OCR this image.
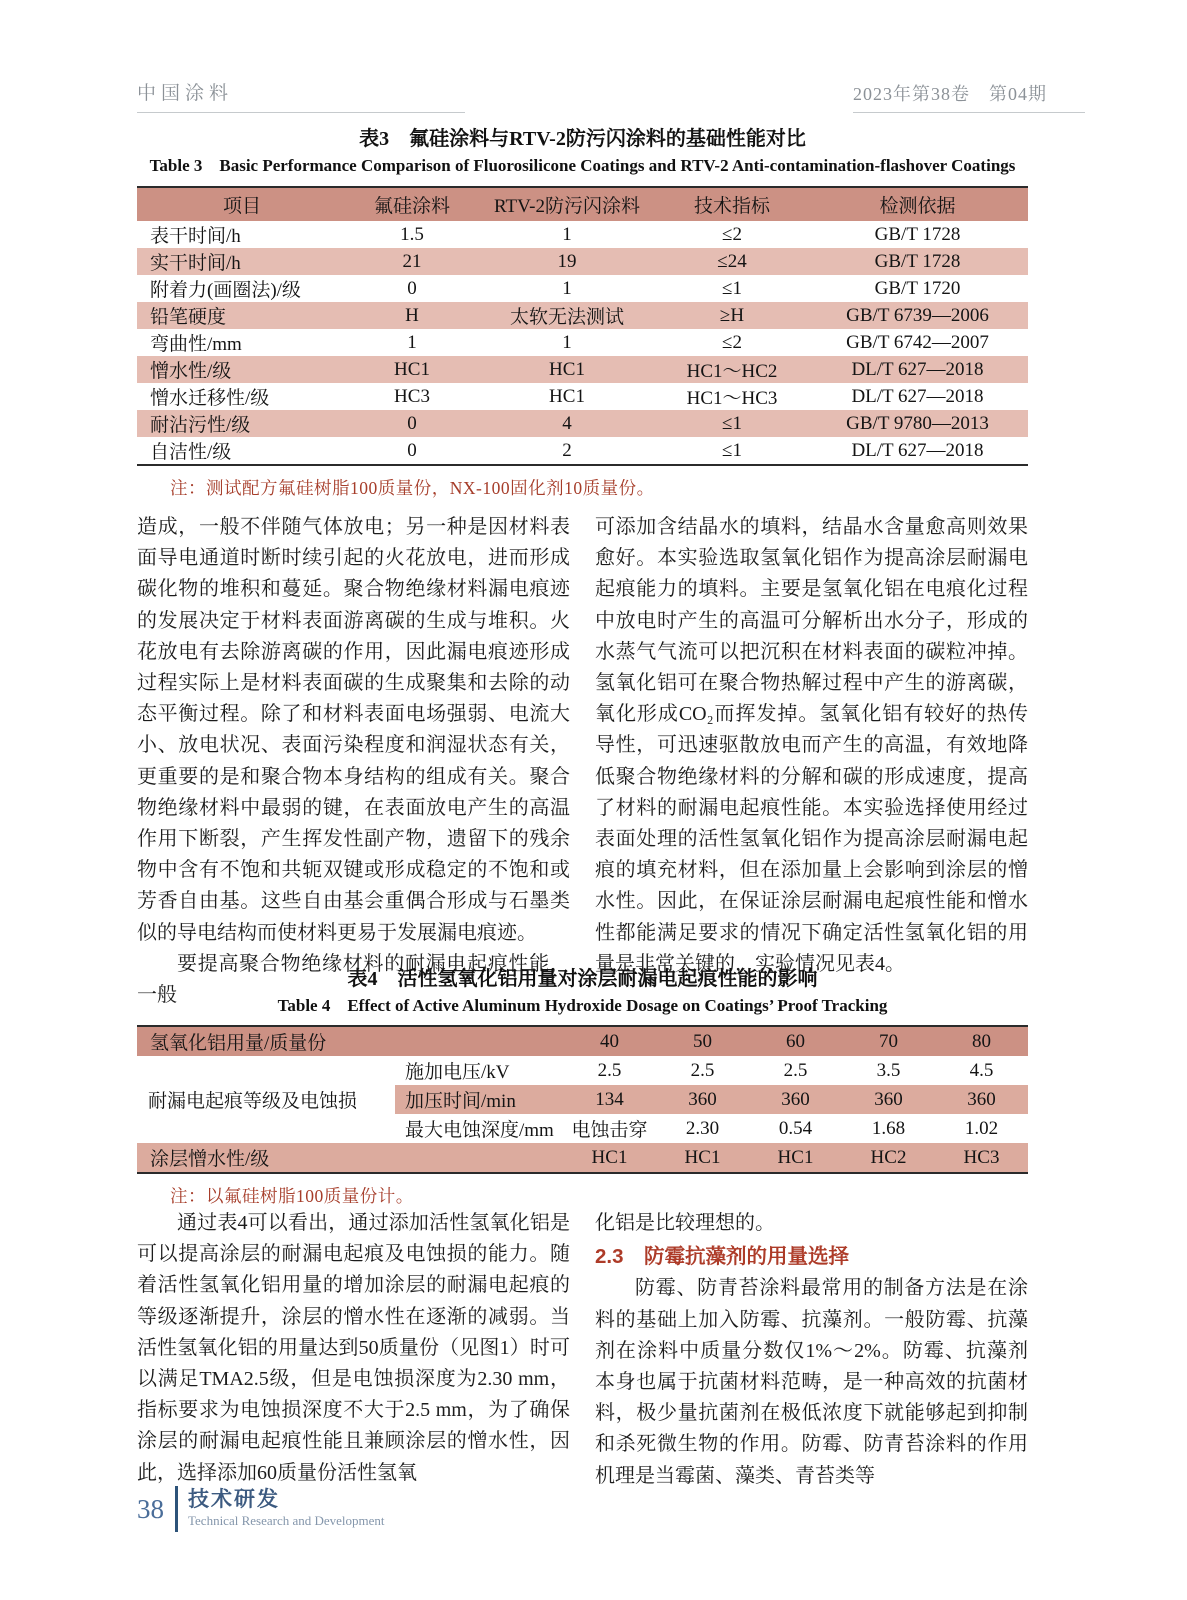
中国涂料	2023年第38卷　第04期
表3　氟硅涂料与RTV-2防污闪涂料的基础性能对比
Table 3  Basic Performance Comparison of Fluorosilicone Coatings and RTV-2 Anti-contamination-flashover Coatings
项目	氟硅涂料	RTV-2防污闪涂料	技术指标	检测依据
表干时间/h	1.5	1	≤2	GB/T 1728
实干时间/h	21	19	≤24	GB/T 1728
附着力(画圈法)/级	0	1	≤1	GB/T 1720
铅笔硬度	H	太软无法测试	≥H	GB/T 6739—2006
弯曲性/mm	1	1	≤2	GB/T 6742—2007
憎水性/级	HC1	HC1	HC1～HC2	DL/T 627—2018
憎水迁移性/级	HC3	HC1	HC1～HC3	DL/T 627—2018
耐沾污性/级	0	4	≤1	GB/T 9780—2013
自洁性/级	0	2	≤1	DL/T 627—2018
注：测试配方氟硅树脂100质量份，NX-100固化剂10质量份。

造成，一般不伴随气体放电；另一种是因材料表面导电通道时断时续引起的火花放电，进而形成碳化物的堆积和蔓延。聚合物绝缘材料漏电痕迹的发展决定于材料表面游离碳的生成与堆积。火花放电有去除游离碳的作用，因此漏电痕迹形成过程实际上是材料表面碳的生成聚集和去除的动态平衡过程。除了和材料表面电场强弱、电流大小、放电状况、表面污染程度和润湿状态有关，更重要的是和聚合物本身结构的组成有关。聚合物绝缘材料中最弱的键，在表面放电产生的高温作用下断裂，产生挥发性副产物，遗留下的残余物中含有不饱和共轭双键或形成稳定的不饱和或芳香自由基。这些自由基会重偶合形成与石墨类似的导电结构而使材料更易于发展漏电痕迹。

要提高聚合物绝缘材料的耐漏电起痕性能，一般

可添加含结晶水的填料，结晶水含量愈高则效果愈好。本实验选取氢氧化铝作为提高涂层耐漏电起痕能力的填料。主要是氢氧化铝在电痕化过程中放电时产生的高温可分解析出水分子，形成的水蒸气气流可以把沉积在材料表面的碳粒冲掉。氢氧化铝可在聚合物热解过程中产生的游离碳，氧化形成CO₂而挥发掉。氢氧化铝有较好的热传导性，可迅速驱散放电而产生的高温，有效地降低聚合物绝缘材料的分解和碳的形成速度，提高了材料的耐漏电起痕性能。本实验选择使用经过表面处理的活性氢氧化铝作为提高涂层耐漏电起痕的填充材料，但在添加量上会影响到涂层的憎水性。因此，在保证涂层耐漏电起痕性能和憎水性都能满足要求的情况下确定活性氢氧化铝的用量是非常关键的，实验情况见表4。

表4　活性氢氧化铝用量对涂层耐漏电起痕性能的影响
Table 4  Effect of Active Aluminum Hydroxide Dosage on Coatings’ Proof Tracking
氢氧化铝用量/质量份		40	50	60	70	80
耐漏电起痕等级及电蚀损	施加电压/kV	2.5	2.5	2.5	3.5	4.5
	加压时间/min	134	360	360	360	360
	最大电蚀深度/mm	电蚀击穿	2.30	0.54	1.68	1.02
涂层憎水性/级		HC1	HC1	HC1	HC2	HC3
注：以氟硅树脂100质量份计。

通过表4可以看出，通过添加活性氢氧化铝是可以提高涂层的耐漏电起痕及电蚀损的能力。随着活性氢氧化铝用量的增加涂层的耐漏电起痕的等级逐渐提升，涂层的憎水性在逐渐的减弱。当活性氢氧化铝的用量达到50质量份（见图1）时可以满足TMA2.5级，但是电蚀损深度为2.30 mm，指标要求为电蚀损深度不大于2.5 mm，为了确保涂层的耐漏电起痕性能且兼顾涂层的憎水性，因此，选择添加60质量份活性氢氧

化铝是比较理想的。

2.3　防霉抗藻剂的用量选择

防霉、防青苔涂料最常用的制备方法是在涂料的基础上加入防霉、抗藻剂。一般防霉、抗藻剂在涂料中质量分数仅1%～2%。防霉、抗藻剂本身也属于抗菌材料范畴，是一种高效的抗菌材料，极少量抗菌剂在极低浓度下就能够起到抑制和杀死微生物的作用。防霉、防青苔涂料的作用机理是当霉菌、藻类、青苔类等

38 技术研发
Technical Research and Development
